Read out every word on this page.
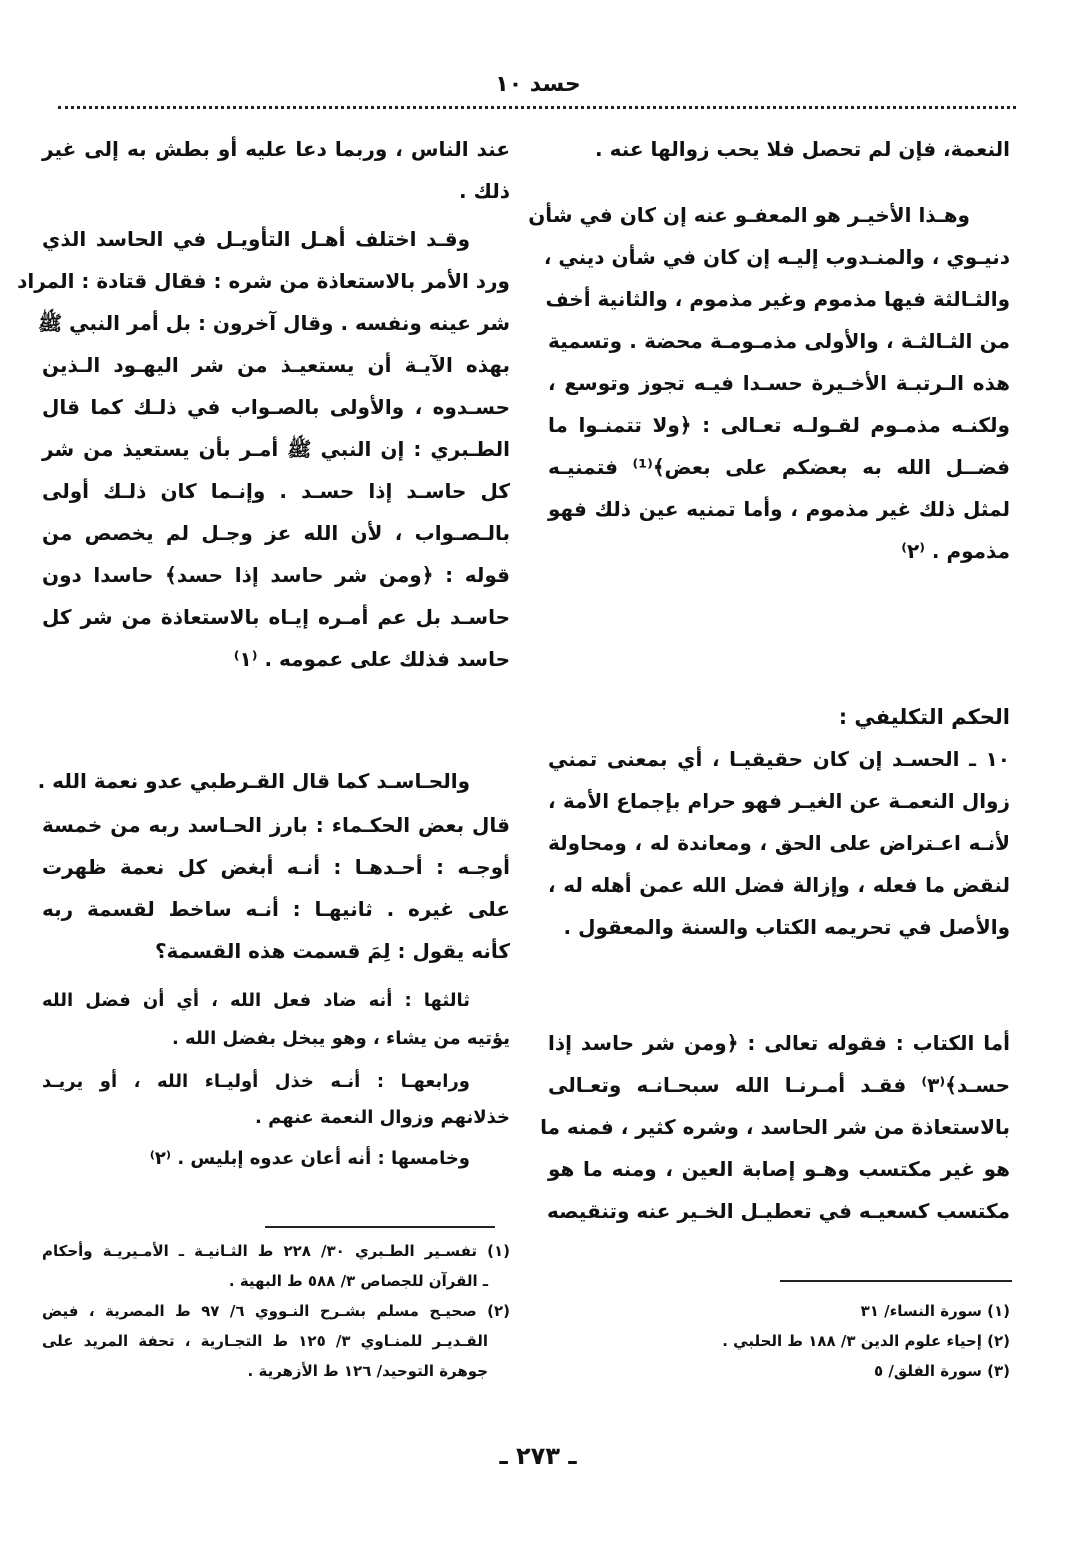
حسد ١٠
النعمة، فإن لم تحصل فلا يحب زوالها عنه .
وهـذا الأخيـر هو المعفـو عنه إن كان في شأن
دنيـوي ، والمنـدوب إليـه إن كان في شأن ديني ،
والثـالثة فيها مذموم وغير مذموم ، والثانية أخف
من الثـالثـة ، والأولى مذمـومـة محضة . وتسمية
هذه الـرتبـة الأخـيرة حسـدا فيـه تجوز وتوسع ،
ولكنـه مذمـوم لقـولـه تعـالى : ﴿ولا تتمنـوا ما
فضــل الله به بعضكم على بعض﴾⁽¹⁾ فتمنيـه
لمثل ذلك غير مذموم ، وأما تمنيه عين ذلك فهو
مذموم . ⁽٢⁾
الحكم التكليفي :
١٠ ـ الحسـد إن كان حقيقيـا ، أي بمعنى تمني
زوال النعمـة عن الغيـر فهو حرام بإجماع الأمة ،
لأنـه اعـتراض على الحق ، ومعاندة له ، ومحاولة
لنقض ما فعله ، وإزالة فضل الله عمن أهله له ،
والأصل في تحريمه الكتاب والسنة والمعقول .
أما الكتاب : فقوله تعالى : ﴿ومن شر حاسد إذا
حسـد﴾⁽٣⁾ فقـد أمـرنـا الله سبحـانـه وتعـالى
بالاستعاذة من شر الحاسد ، وشره كثير ، فمنه ما
هو غير مكتسب وهـو إصابة العين ، ومنه ما هو
مكتسب كسعيـه في تعطيـل الخـير عنه وتنقيصه
(١) سورة النساء/ ٣١
(٢) إحياء علوم الدين ٣/ ١٨٨ ط الحلبي .
(٣) سورة الفلق/ ٥
عند الناس ، وربما دعا عليه أو بطش به إلى غير
ذلك .
وقـد اختلف أهـل التأويـل في الحاسد الذي
ورد الأمر بالاستعاذة من شره : فقال قتادة : المراد
شر عينه ونفسه . وقال آخرون : بل أمر النبي ﷺ
بهذه الآيـة أن يستعيـذ من شر اليهـود الـذين
حسـدوه ، والأولى بالصـواب في ذلـك كما قال
الطـبري : إن النبي ﷺ أمـر بأن يستعيذ من شر
كل حاسـد إذا حسـد . وإنـما كان ذلـك أولى
بالـصـواب ، لأن الله عز وجـل لم يخصص من
قوله : ﴿ومن شر حاسد إذا حسد﴾ حاسدا دون
حاسـد بل عم أمـره إيـاه بالاستعاذة من شر كل
حاسد فذلك على عمومه . ⁽١⁾
والحـاسـد كما قال القـرطبي عدو نعمة الله .
قال بعض الحكـماء : بارز الحـاسد ربه من خمسة
أوجـه : أحـدهـا : أنـه أبغض كل نعمة ظهرت
على غيره . ثانيهـا : أنـه ساخط لقسمة ربه
كأنه يقول : لِمَ قسمت هذه القسمة؟
ثالثها : أنه ضاد فعل الله ، أي أن فضل الله
يؤتيه من يشاء ، وهو يبخل بفضل الله .
ورابعهـا : أنـه خذل أوليـاء الله ، أو يريـد
خذلانهم وزوال النعمة عنهم .
وخامسها : أنه أعان عدوه إبليس . ⁽٢⁾
(١) تفسـير الطـبري ٣٠/ ٢٢٨ ط الثـانيـة ـ الأمـيريـة وأحكام
ـ القرآن للجصاص ٣/ ٥٨٨ ط البهية .
(٢) صحيـح مسلم بشـرح النـووي ٦/ ٩٧ ط المصرية ، فيض
القـديـر للمنـاوي ٣/ ١٢٥ ط التجـارية ، تحفة المريد على
جوهرة التوحيد/ ١٢٦ ط الأزهرية .
ـ ٢٧٣ ـ
